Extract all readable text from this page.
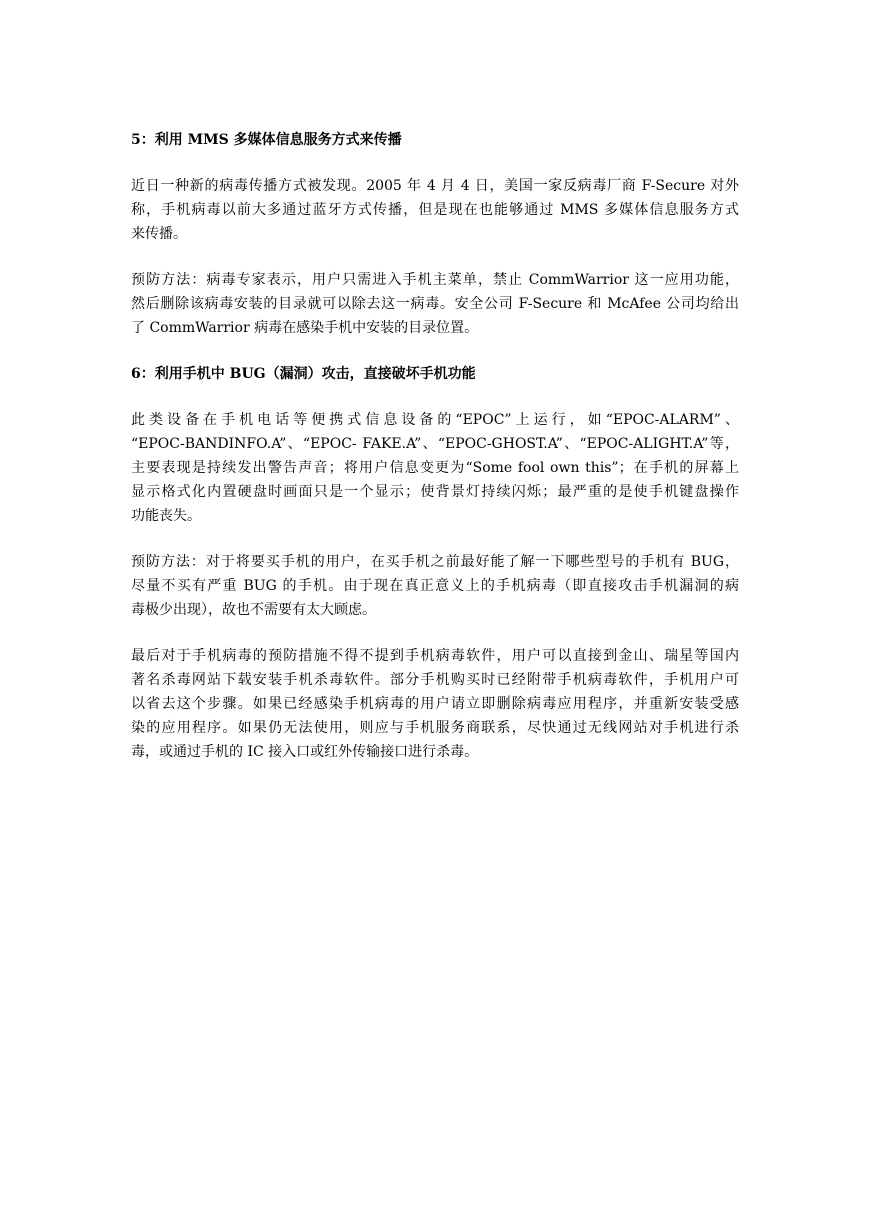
5：利用 MMS 多媒体信息服务方式来传播
近日一种新的病毒传播方式被发现。2005 年 4 月 4 日，美国一家反病毒厂商 F-Secure 对外
称，手机病毒以前大多通过蓝牙方式传播，但是现在也能够通过 MMS 多媒体信息服务方式
来传播。
预防方法：病毒专家表示，用户只需进入手机主菜单，禁止 CommWarrior 这一应用功能，
然后删除该病毒安装的目录就可以除去这一病毒。安全公司 F-Secure 和 McAfee 公司均给出
了 CommWarrior 病毒在感染手机中安装的目录位置。
6：利用手机中 BUG（漏洞）攻击，直接破坏手机功能
此类设备在手机电话等便携式信息设备的“EPOC”上运行，如“EPOC-ALARM”、
“EPOC-BANDINFO.A”、“EPOC- FAKE.A”、“EPOC-GHOST.A”、“EPOC-ALIGHT.A”等，
主要表现是持续发出警告声音；将用户信息变更为“Some fool own this”；在手机的屏幕上
显示格式化内置硬盘时画面只是一个显示；使背景灯持续闪烁；最严重的是使手机键盘操作
功能丧失。
预防方法：对于将要买手机的用户，在买手机之前最好能了解一下哪些型号的手机有 BUG，
尽量不买有严重 BUG 的手机。由于现在真正意义上的手机病毒（即直接攻击手机漏洞的病
毒极少出现），故也不需要有太大顾虑。
最后对于手机病毒的预防措施不得不提到手机病毒软件，用户可以直接到金山、瑞星等国内
著名杀毒网站下载安装手机杀毒软件。部分手机购买时已经附带手机病毒软件，手机用户可
以省去这个步骤。如果已经感染手机病毒的用户请立即删除病毒应用程序，并重新安装受感
染的应用程序。如果仍无法使用，则应与手机服务商联系，尽快通过无线网站对手机进行杀
毒，或通过手机的 IC 接入口或红外传输接口进行杀毒。
